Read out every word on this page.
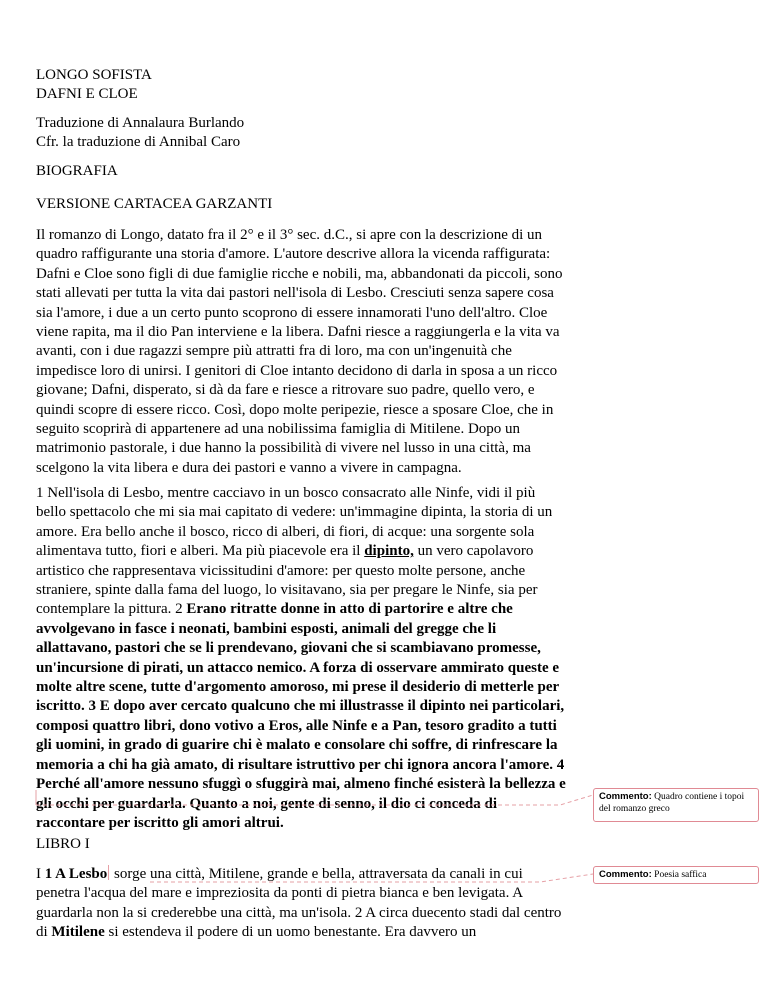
LONGO SOFISTA
DAFNI E CLOE
Traduzione di Annalaura Burlando
Cfr. la traduzione di Annibal Caro
BIOGRAFIA
VERSIONE CARTACEA GARZANTI
Il romanzo di Longo, datato fra il 2° e il 3° sec. d.C., si apre con la descrizione di un quadro raffigurante una storia d'amore. L'autore descrive allora la vicenda raffigurata: Dafni e Cloe sono figli di due famiglie ricche e nobili, ma, abbandonati da piccoli, sono stati allevati per tutta la vita dai pastori nell'isola di Lesbo. Cresciuti senza sapere cosa sia l'amore, i due a un certo punto scoprono di essere innamorati l'uno dell'altro. Cloe viene rapita, ma il dio Pan interviene e la libera. Dafni riesce a raggiungerla e la vita va avanti, con i due ragazzi sempre più attratti fra di loro, ma con un'ingenuità che impedisce loro di unirsi. I genitori di Cloe intanto decidono di darla in sposa a un ricco giovane; Dafni, disperato, si dà da fare e riesce a ritrovare suo padre, quello vero, e quindi scopre di essere ricco. Così, dopo molte peripezie, riesce a sposare Cloe, che in seguito scoprirà di appartenere ad una nobilissima famiglia di Mitilene. Dopo un matrimonio pastorale, i due hanno la possibilità di vivere nel lusso in una città, ma scelgono la vita libera e dura dei pastori e vanno a vivere in campagna.
1 Nell'isola di Lesbo, mentre cacciavo in un bosco consacrato alle Ninfe, vidi il più bello spettacolo che mi sia mai capitato di vedere: un'immagine dipinta, la storia di un amore. Era bello anche il bosco, ricco di alberi, di fiori, di acque: una sorgente sola alimentava tutto, fiori e alberi. Ma più piacevole era il dipinto, un vero capolavoro artistico che rappresentava vicissitudini d'amore: per questo molte persone, anche straniere, spinte dalla fama del luogo, lo visitavano, sia per pregare le Ninfe, sia per contemplare la pittura. 2 Erano ritratte donne in atto di partorire e altre che avvolgevano in fasce i neonati, bambini esposti, animali del gregge che li allattavano, pastori che se li prendevano, giovani che si scambiavano promesse, un'incursione di pirati, un attacco nemico. A forza di osservare ammirato queste e molte altre scene, tutte d'argomento amoroso, mi prese il desiderio di metterle per iscritto. 3 E dopo aver cercato qualcuno che mi illustrasse il dipinto nei particolari, composi quattro libri, dono votivo a Eros, alle Ninfe e a Pan, tesoro gradito a tutti gli uomini, in grado di guarire chi è malato e consolare chi soffre, di rinfrescare la memoria a chi ha già amato, di risultare istruttivo per chi ignora ancora l'amore. 4 Perché all'amore nessuno sfuggì o sfuggirà mai, almeno finché esisterà la bellezza e gli occhi per guardarla. Quanto a noi, gente di senno, il dio ci conceda di raccontare per iscritto gli amori altrui.
LIBRO I
I 1 A Lesbo sorge una città, Mitilene, grande e bella, attraversata da canali in cui penetra l'acqua del mare e impreziosita da ponti di pietra bianca e ben levigata. A guardarla non la si crederebbe una città, ma un'isola. 2 A circa duecento stadi dal centro di Mitilene si estendeva il podere di un uomo benestante. Era davvero un
Commento: Quadro contiene i topoi del romanzo greco
Commento: Poesia saffica
